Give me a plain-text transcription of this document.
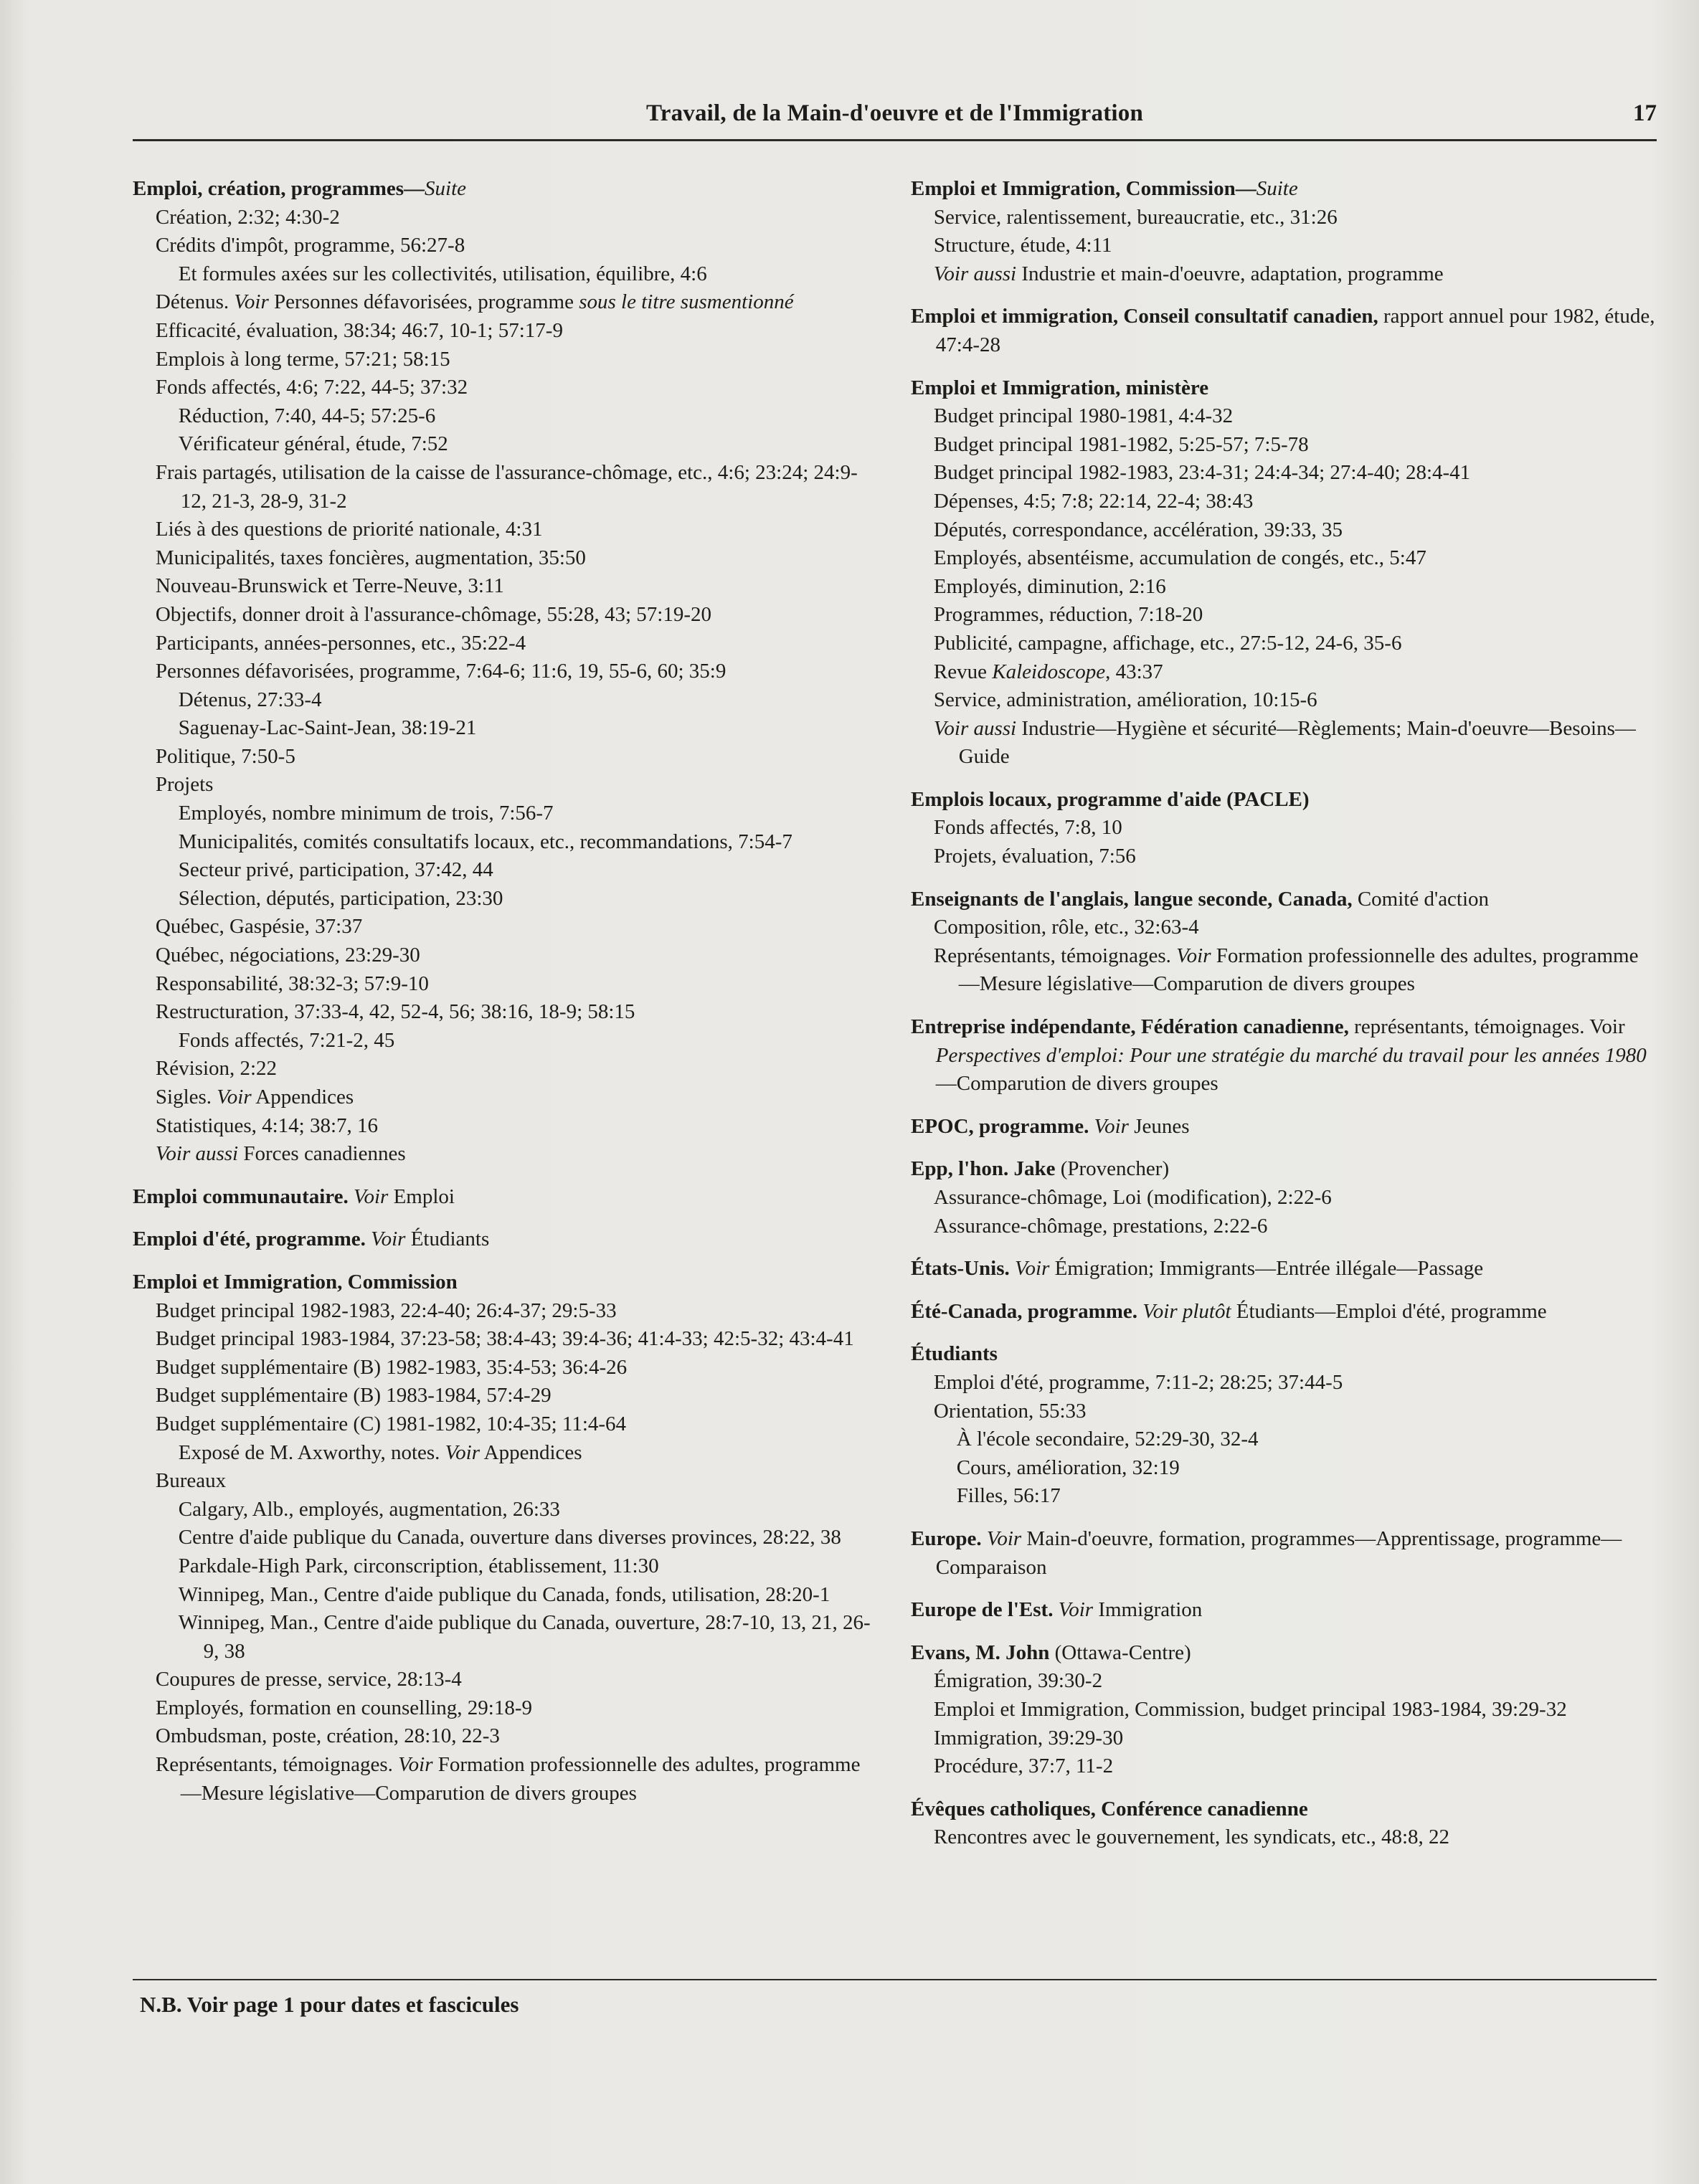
Travail, de la Main-d'oeuvre et de l'Immigration	17
Emploi, création, programmes—Suite
Création, 2:32; 4:30-2
Crédits d'impôt, programme, 56:27-8
Et formules axées sur les collectivités, utilisation, équilibre, 4:6
Détenus. Voir Personnes défavorisées, programme sous le titre susmentionné
Efficacité, évaluation, 38:34; 46:7, 10-1; 57:17-9
Emplois à long terme, 57:21; 58:15
Fonds affectés, 4:6; 7:22, 44-5; 37:32
Réduction, 7:40, 44-5; 57:25-6
Vérificateur général, étude, 7:52
Frais partagés, utilisation de la caisse de l'assurance-chômage, etc., 4:6; 23:24; 24:9-12, 21-3, 28-9, 31-2
Liés à des questions de priorité nationale, 4:31
Municipalités, taxes foncières, augmentation, 35:50
Nouveau-Brunswick et Terre-Neuve, 3:11
Objectifs, donner droit à l'assurance-chômage, 55:28, 43; 57:19-20
Participants, années-personnes, etc., 35:22-4
Personnes défavorisées, programme, 7:64-6; 11:6, 19, 55-6, 60; 35:9
Détenus, 27:33-4
Saguenay-Lac-Saint-Jean, 38:19-21
Politique, 7:50-5
Projets
Employés, nombre minimum de trois, 7:56-7
Municipalités, comités consultatifs locaux, etc., recommandations, 7:54-7
Secteur privé, participation, 37:42, 44
Sélection, députés, participation, 23:30
Québec, Gaspésie, 37:37
Québec, négociations, 23:29-30
Responsabilité, 38:32-3; 57:9-10
Restructuration, 37:33-4, 42, 52-4, 56; 38:16, 18-9; 58:15
Fonds affectés, 7:21-2, 45
Révision, 2:22
Sigles. Voir Appendices
Statistiques, 4:14; 38:7, 16
Voir aussi Forces canadiennes
Emploi communautaire. Voir Emploi
Emploi d'été, programme. Voir Étudiants
Emploi et Immigration, Commission
Budget principal 1982-1983, 22:4-40; 26:4-37; 29:5-33
Budget principal 1983-1984, 37:23-58; 38:4-43; 39:4-36; 41:4-33; 42:5-32; 43:4-41
Budget supplémentaire (B) 1982-1983, 35:4-53; 36:4-26
Budget supplémentaire (B) 1983-1984, 57:4-29
Budget supplémentaire (C) 1981-1982, 10:4-35; 11:4-64
Exposé de M. Axworthy, notes. Voir Appendices
Bureaux
Calgary, Alb., employés, augmentation, 26:33
Centre d'aide publique du Canada, ouverture dans diverses provinces, 28:22, 38
Parkdale-High Park, circonscription, établissement, 11:30
Winnipeg, Man., Centre d'aide publique du Canada, fonds, utilisation, 28:20-1
Winnipeg, Man., Centre d'aide publique du Canada, ouverture, 28:7-10, 13, 21, 26-9, 38
Coupures de presse, service, 28:13-4
Employés, formation en counselling, 29:18-9
Ombudsman, poste, création, 28:10, 22-3
Représentants, témoignages. Voir Formation professionnelle des adultes, programme—Mesure législative—Comparution de divers groupes
Emploi et Immigration, Commission—Suite
Service, ralentissement, bureaucratie, etc., 31:26
Structure, étude, 4:11
Voir aussi Industrie et main-d'oeuvre, adaptation, programme
Emploi et immigration, Conseil consultatif canadien, rapport annuel pour 1982, étude, 47:4-28
Emploi et Immigration, ministère
Budget principal 1980-1981, 4:4-32
Budget principal 1981-1982, 5:25-57; 7:5-78
Budget principal 1982-1983, 23:4-31; 24:4-34; 27:4-40; 28:4-41
Dépenses, 4:5; 7:8; 22:14, 22-4; 38:43
Députés, correspondance, accélération, 39:33, 35
Employés, absentéisme, accumulation de congés, etc., 5:47
Employés, diminution, 2:16
Programmes, réduction, 7:18-20
Publicité, campagne, affichage, etc., 27:5-12, 24-6, 35-6
Revue Kaleidoscope, 43:37
Service, administration, amélioration, 10:15-6
Voir aussi Industrie—Hygiène et sécurité—Règlements; Main-d'oeuvre—Besoins—Guide
Emplois locaux, programme d'aide (PACLE)
Fonds affectés, 7:8, 10
Projets, évaluation, 7:56
Enseignants de l'anglais, langue seconde, Canada, Comité d'action
Composition, rôle, etc., 32:63-4
Représentants, témoignages. Voir Formation professionnelle des adultes, programme—Mesure législative—Comparution de divers groupes
Entreprise indépendante, Fédération canadienne, représentants, témoignages. Voir Perspectives d'emploi: Pour une stratégie du marché du travail pour les années 1980—Comparution de divers groupes
EPOC, programme. Voir Jeunes
Epp, l'hon. Jake (Provencher)
Assurance-chômage, Loi (modification), 2:22-6
Assurance-chômage, prestations, 2:22-6
États-Unis. Voir Émigration; Immigrants—Entrée illégale—Passage
Été-Canada, programme. Voir plutôt Étudiants—Emploi d'été, programme
Étudiants
Emploi d'été, programme, 7:11-2; 28:25; 37:44-5
Orientation, 55:33
À l'école secondaire, 52:29-30, 32-4
Cours, amélioration, 32:19
Filles, 56:17
Europe. Voir Main-d'oeuvre, formation, programmes—Apprentissage, programme—Comparaison
Europe de l'Est. Voir Immigration
Evans, M. John (Ottawa-Centre)
Émigration, 39:30-2
Emploi et Immigration, Commission, budget principal 1983-1984, 39:29-32
Immigration, 39:29-30
Procédure, 37:7, 11-2
Évêques catholiques, Conférence canadienne
Rencontres avec le gouvernement, les syndicats, etc., 48:8, 22
N.B. Voir page 1 pour dates et fascicules
